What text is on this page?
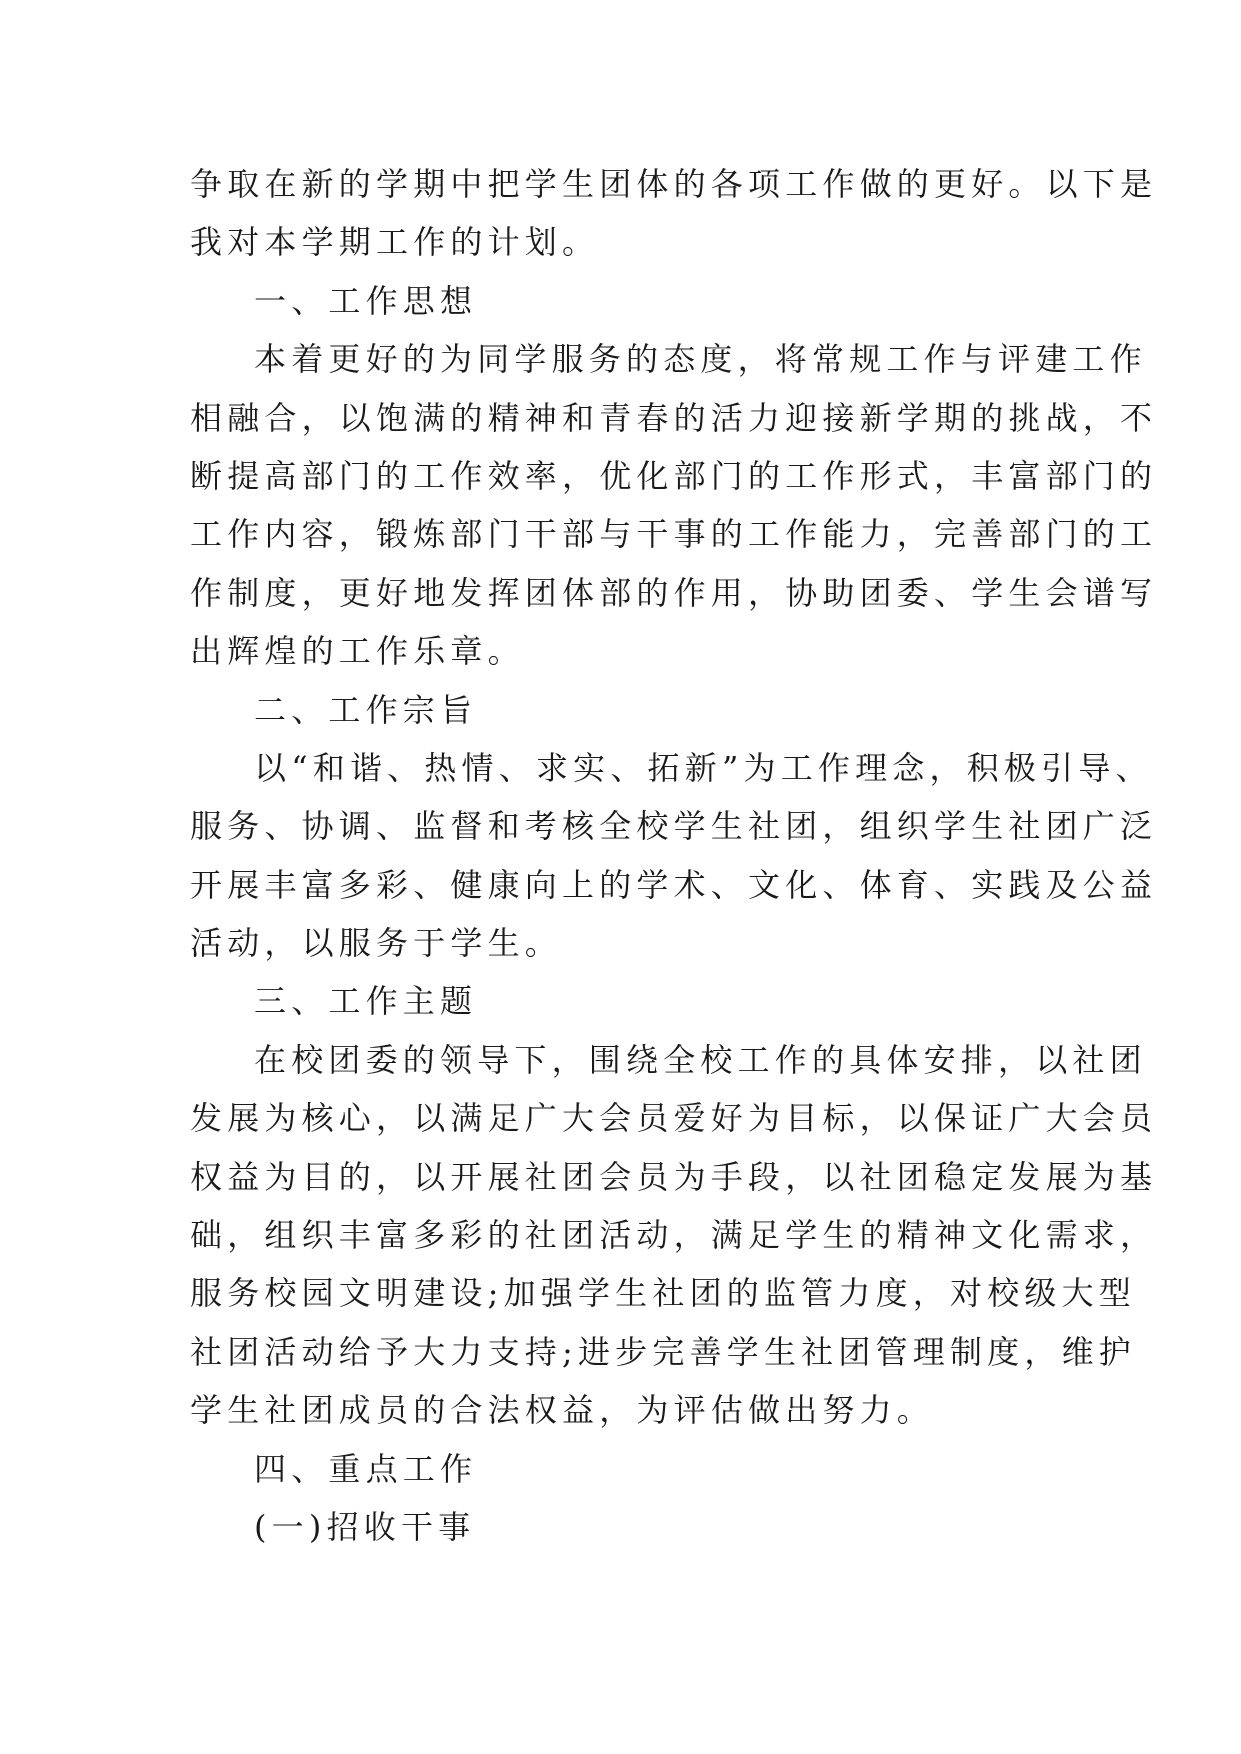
争取在新的学期中把学生团体的各项工作做的更好。以下是
我对本学期工作的计划。
一、工作思想
本着更好的为同学服务的态度，将常规工作与评建工作
相融合，以饱满的精神和青春的活力迎接新学期的挑战，不
断提高部门的工作效率，优化部门的工作形式，丰富部门的
工作内容，锻炼部门干部与干事的工作能力，完善部门的工
作制度，更好地发挥团体部的作用，协助团委、学生会谱写
出辉煌的工作乐章。
二、工作宗旨
以“和谐、热情、求实、拓新”为工作理念，积极引导、
服务、协调、监督和考核全校学生社团，组织学生社团广泛
开展丰富多彩、健康向上的学术、文化、体育、实践及公益
活动，以服务于学生。
三、工作主题
在校团委的领导下，围绕全校工作的具体安排，以社团
发展为核心，以满足广大会员爱好为目标，以保证广大会员
权益为目的，以开展社团会员为手段，以社团稳定发展为基
础，组织丰富多彩的社团活动，满足学生的精神文化需求，
服务校园文明建设;加强学生社团的监管力度，对校级大型
社团活动给予大力支持;进步完善学生社团管理制度，维护
学生社团成员的合法权益，为评估做出努力。
四、重点工作
(一)招收干事
